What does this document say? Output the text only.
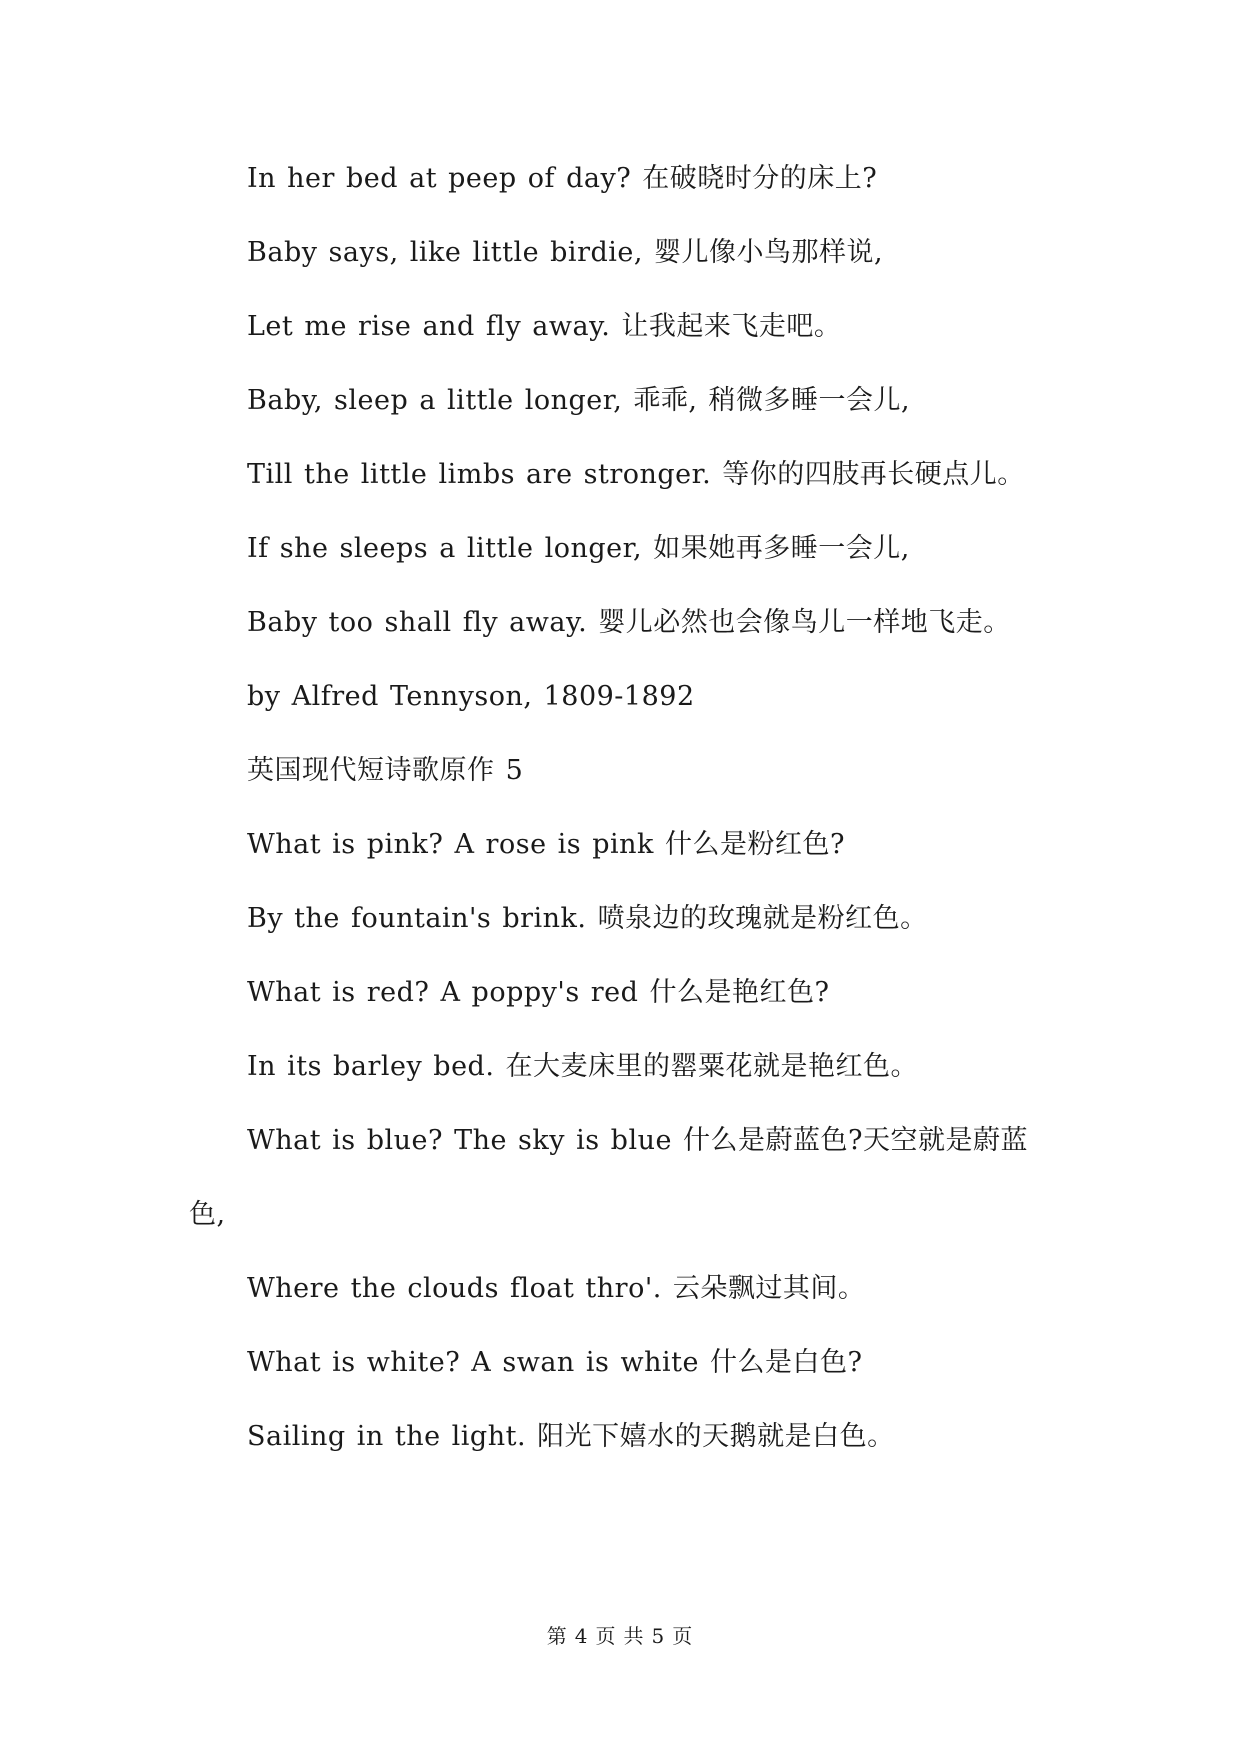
In her bed at peep of day? 在破晓时分的床上?

Baby says, like little birdie, 婴儿像小鸟那样说,

Let me rise and fly away. 让我起来飞走吧。

Baby, sleep a little longer, 乖乖, 稍微多睡一会儿,

Till the little limbs are stronger. 等你的四肢再长硬点儿。

If she sleeps a little longer, 如果她再多睡一会儿,

Baby too shall fly away. 婴儿必然也会像鸟儿一样地飞走。

by Alfred Tennyson, 1809-1892

英国现代短诗歌原作 5

What is pink? A rose is pink 什么是粉红色?

By the fountain's brink. 喷泉边的玫瑰就是粉红色。

What is red? A poppy's red 什么是艳红色?

In its barley bed. 在大麦床里的罂粟花就是艳红色。

What is blue? The sky is blue 什么是蔚蓝色?天空就是蔚蓝色,

Where the clouds float thro'. 云朵飘过其间。

What is white? A swan is white 什么是白色?

Sailing in the light. 阳光下嬉水的天鹅就是白色。

第 4 页 共 5 页
